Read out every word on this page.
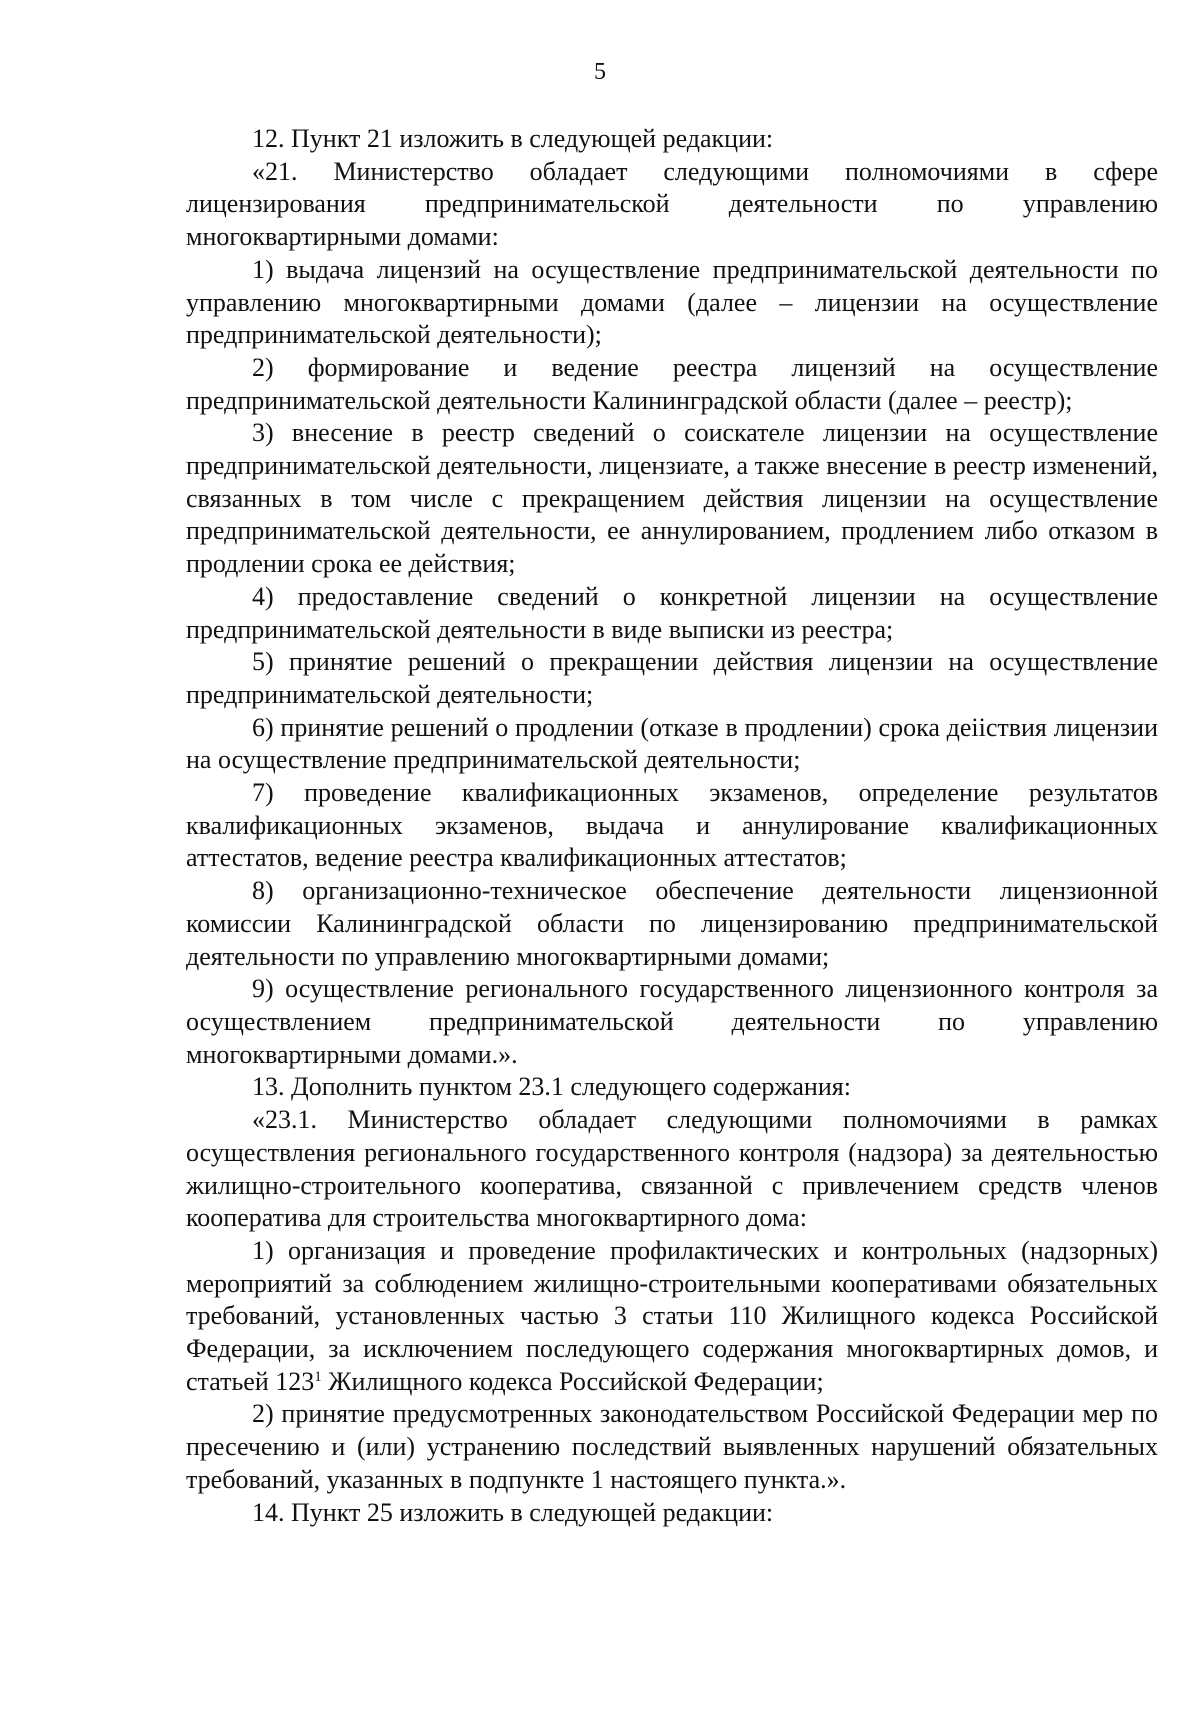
5

12. Пункт 21 изложить в следующей редакции:

«21. Министерство обладает следующими полномочиями в сфере лицензирования предпринимательской деятельности по управлению многоквартирными домами:

1) выдача лицензий на осуществление предпринимательской деятельности по управлению многоквартирными домами (далее – лицензии на осуществление предпринимательской деятельности);

2) формирование и ведение реестра лицензий на осуществление предпринимательской деятельности Калининградской области (далее – реестр);

3) внесение в реестр сведений о соискателе лицензии на осуществление предпринимательской деятельности, лицензиате, а также внесение в реестр изменений, связанных в том числе с прекращением действия лицензии на осуществление предпринимательской деятельности, ее аннулированием, продлением либо отказом в продлении срока ее действия;

4) предоставление сведений о конкретной лицензии на осуществление предпринимательской деятельности в виде выписки из реестра;

5) принятие решений о прекращении действия лицензии на осуществление предпринимательской деятельности;

6) принятие решений о продлении (отказе в продлении) срока деііствия лицензии на осуществление предпринимательской деятельности;

7) проведение квалификационных экзаменов, определение результатов квалификационных экзаменов, выдача и аннулирование квалификационных аттестатов, ведение реестра квалификационных аттестатов;

8) организационно-техническое обеспечение деятельности лицензионной комиссии Калининградской области по лицензированию предпринимательской деятельности по управлению многоквартирными домами;

9) осуществление регионального государственного лицензионного контроля за осуществлением предпринимательской деятельности по управлению многоквартирными домами.».

13. Дополнить пунктом 23.1 следующего содержания:

«23.1. Министерство обладает следующими полномочиями в рамках осуществления регионального государственного контроля (надзора) за деятельностью жилищно-строительного кооператива, связанной с привлечением средств членов кооператива для строительства многоквартирного дома:

1) организация и проведение профилактических и контрольных (надзорных) мероприятий за соблюдением жилищно-строительными кооперативами обязательных требований, установленных частью 3 статьи 110 Жилищного кодекса Российской Федерации, за исключением последующего содержания многоквартирных домов, и статьей $123^1$ Жилищного кодекса Российской Федерации;

2) принятие предусмотренных законодательством Российской Федерации мер по пресечению и (или) устранению последствий выявленных нарушений обязательных требований, указанных в подпункте 1 настоящего пункта.».

14. Пункт 25 изложить в следующей редакции:
